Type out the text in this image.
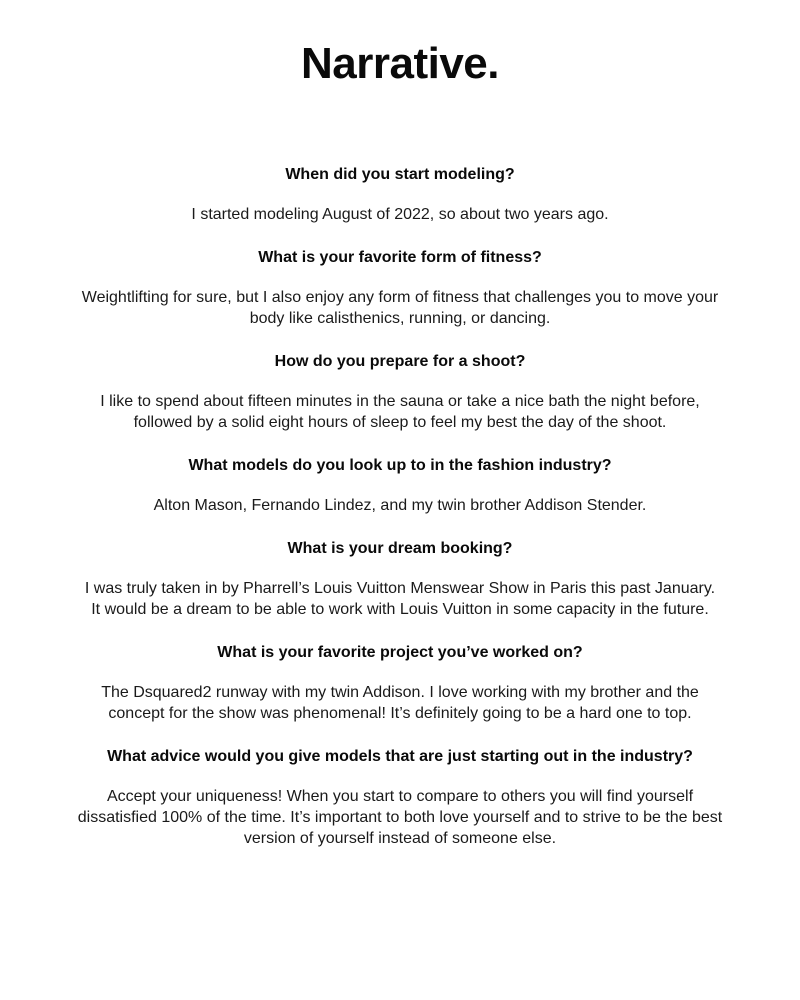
Narrative.

When did you start modeling?

I started modeling August of 2022, so about two years ago.

What is your favorite form of fitness?

Weightlifting for sure, but I also enjoy any form of fitness that challenges you to move your
body like calisthenics, running, or dancing.

How do you prepare for a shoot?

I like to spend about fifteen minutes in the sauna or take a nice bath the night before,
followed by a solid eight hours of sleep to feel my best the day of the shoot.

What models do you look up to in the fashion industry?

Alton Mason, Fernando Lindez, and my twin brother Addison Stender.

What is your dream booking?

I was truly taken in by Pharrell’s Louis Vuitton Menswear Show in Paris this past January.
It would be a dream to be able to work with Louis Vuitton in some capacity in the future.

What is your favorite project you’ve worked on?

The Dsquared2 runway with my twin Addison. I love working with my brother and the
concept for the show was phenomenal! It’s definitely going to be a hard one to top.

What advice would you give models that are just starting out in the industry?

Accept your uniqueness! When you start to compare to others you will find yourself
dissatisfied 100% of the time. It’s important to both love yourself and to strive to be the best
version of yourself instead of someone else.
